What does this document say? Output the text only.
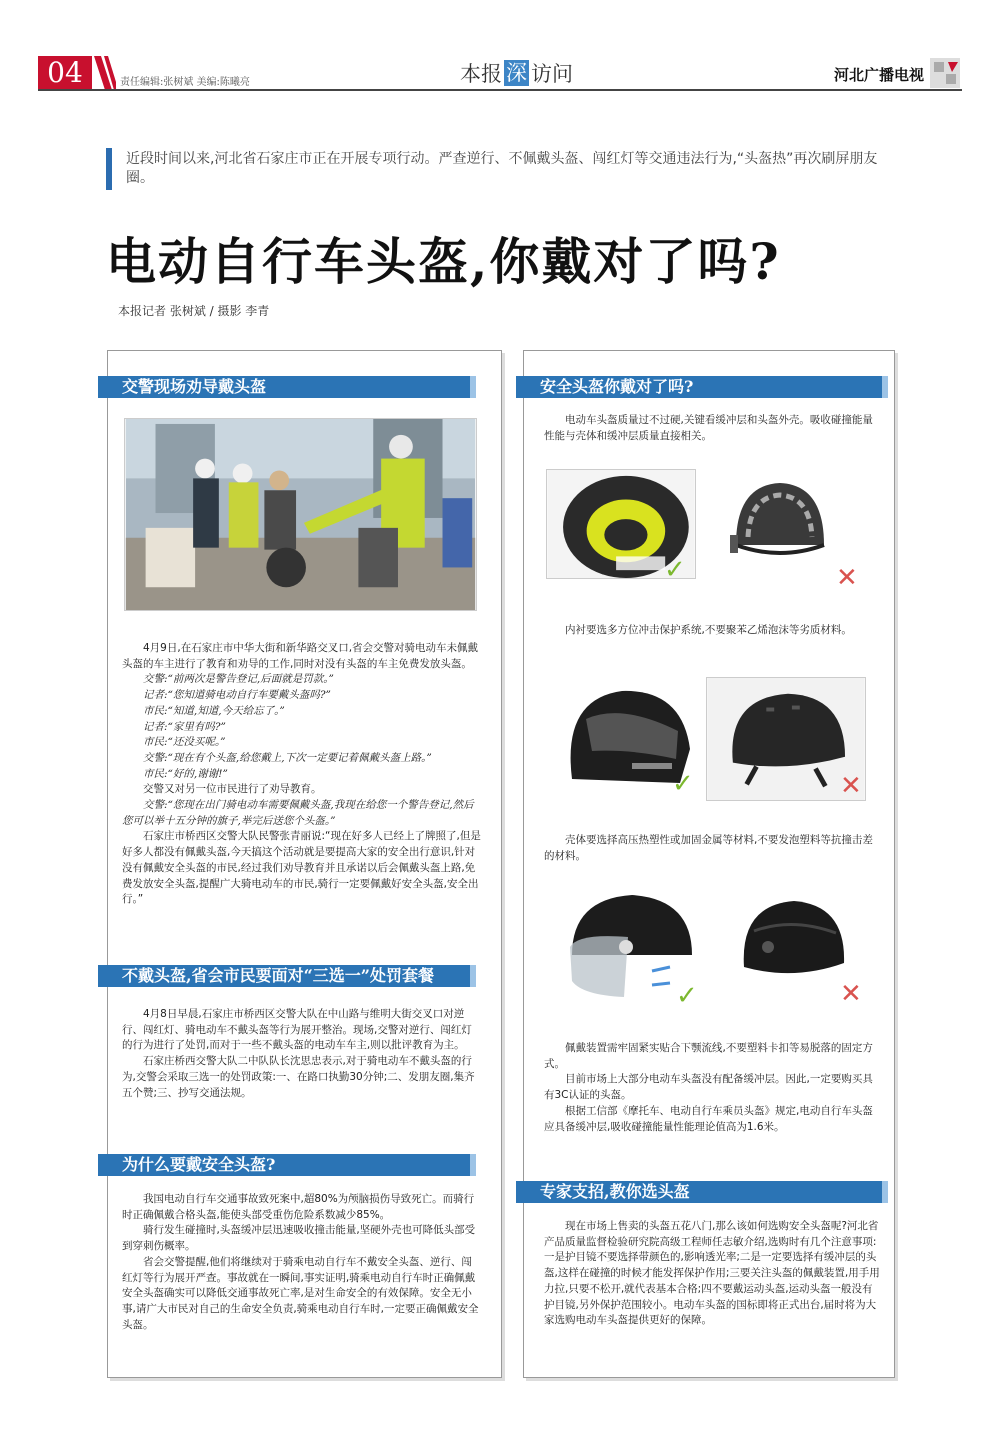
04	责任编辑:张树斌 美编:陈曦亮	本报 深 访问	河北广播电视
近段时间以来,河北省石家庄市正在开展专项行动。严查逆行、不佩戴头盔、闯红灯等交通违法行为,“头盔热”再次刷屏朋友圈。
电动自行车头盔,你戴对了吗?
本报记者 张树斌 / 摄影 李青
交警现场劝导戴头盔

4月9日,在石家庄市中华大街和新华路交叉口,省会交警对骑电动车未佩戴头盔的车主进行了教育和劝导的工作,同时对没有头盔的车主免费发放头盔。

交警:“前两次是警告登记,后面就是罚款。”

记者:“您知道骑电动自行车要戴头盔吗?”

市民:“知道,知道,今天给忘了。”

记者:“家里有吗?”

市民:“还没买呢。”

交警:“现在有个头盔,给您戴上,下次一定要记着佩戴头盔上路。”

市民:“好的,谢谢!”

交警又对另一位市民进行了劝导教育。

交警:“您现在出门骑电动车需要佩戴头盔,我现在给您一个警告登记,然后您可以举十五分钟的旗子,举完后送您个头盔。”

石家庄市桥西区交警大队民警张青丽说:“现在好多人已经上了牌照了,但是好多人都没有佩戴头盔,今天搞这个活动就是要提高大家的安全出行意识,针对没有佩戴安全头盔的市民,经过我们劝导教育并且承诺以后会佩戴头盔上路,免费发放安全头盔,提醒广大骑电动车的市民,骑行一定要佩戴好安全头盔,安全出行。”

不戴头盔,省会市民要面对“三选一”处罚套餐

4月8日早晨,石家庄市桥西区交警大队在中山路与维明大街交叉口对逆行、闯红灯、骑电动车不戴头盔等行为展开整治。现场,交警对逆行、闯红灯的行为进行了处罚,而对于一些不戴头盔的电动车车主,则以批评教育为主。

石家庄桥西交警大队二中队队长沈思忠表示,对于骑电动车不戴头盔的行为,交警会采取三选一的处罚政策:一、在路口执勤30分钟;二、发朋友圈,集齐五个赞;三、抄写交通法规。

为什么要戴安全头盔?

我国电动自行车交通事故致死案中,超80%为颅脑损伤导致死亡。而骑行时正确佩戴合格头盔,能使头部受重伤危险系数减少85%。

骑行发生碰撞时,头盔缓冲层迅速吸收撞击能量,坚硬外壳也可降低头部受到穿刺伤概率。

省会交警提醒,他们将继续对于骑乘电动自行车不戴安全头盔、逆行、闯红灯等行为展开严查。事故就在一瞬间,事实证明,骑乘电动自行车时正确佩戴安全头盔确实可以降低交通事故死亡率,是对生命安全的有效保障。安全无小事,请广大市民对自己的生命安全负责,骑乘电动自行车时,一定要正确佩戴安全头盔。

安全头盔你戴对了吗?

电动车头盔质量过不过硬,关键看缓冲层和头盔外壳。吸收碰撞能量性能与壳体和缓冲层质量直接相关。

✓	✕

内衬要选多方位冲击保护系统,不要聚苯乙烯泡沫等劣质材料。

✓	✕

壳体要选择高压热塑性或加固金属等材料,不要发泡塑料等抗撞击差的材料。

✓	✕

佩戴装置需牢固紧实贴合下颚流线,不要塑料卡扣等易脱落的固定方式。

目前市场上大部分电动车头盔没有配备缓冲层。因此,一定要购买具有3C认证的头盔。

根据工信部《摩托车、电动自行车乘员头盔》规定,电动自行车头盔应具备缓冲层,吸收碰撞能量性能理论值高为1.6米。

专家支招,教你选头盔

现在市场上售卖的头盔五花八门,那么该如何选购安全头盔呢?河北省产品质量监督检验研究院高级工程师任志敏介绍,选购时有几个注意事项:一是护目镜不要选择带颜色的,影响透光率;二是一定要选择有缓冲层的头盔,这样在碰撞的时候才能发挥保护作用;三要关注头盔的佩戴装置,用手用力拉,只要不松开,就代表基本合格;四不要戴运动头盔,运动头盔一般没有护目镜,另外保护范围较小。电动车头盔的国标即将正式出台,届时将为大家选购电动车头盔提供更好的保障。
